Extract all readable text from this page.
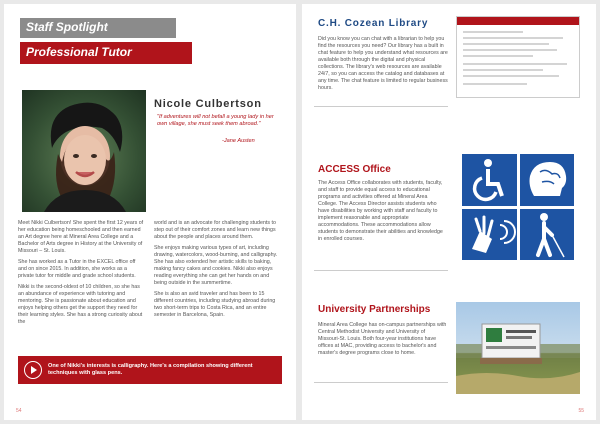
Staff Spotlight
Professional Tutor
Nicole Culbertson
"If adventures will not befall a young lady in her own village, she must seek them abroad."
-Jane Austen

Meet Nikki Culbertson! She spent the first 12 years of her education being homeschooled and then earned an Art degree here at Mineral Area College and a Bachelor of Arts degree in History at the University of Missouri – St. Louis.

She has worked as a Tutor in the EXCEL office off and on since 2015. In addition, she works as a private tutor for middle and grade school students.

Nikki is the second-oldest of 10 children, so she has an abundance of experience with tutoring and mentoring. She is passionate about education and enjoys helping others get the support they need for their learning styles. She has a strong curiosity about the

world and is an advocate for challenging students to step out of their comfort zones and learn new things about the people and places around them.

She enjoys making various types of art, including drawing, watercolors, wood-burning, and calligraphy. She has also extended her artistic skills to baking, making fancy cakes and cookies. Nikki also enjoys reading everything she can get her hands on and being outside in the summertime.

She is also an avid traveler and has been to 15 different countries, including studying abroad during two short-term trips to Costa Rica, and an entire semester in Barcelona, Spain.

One of Nikki's interests is calligraphy. Here's a compilation showing different techniques with glass pens.
54
C.H. Cozean Library
Did you know you can chat with a librarian to help you find the resources you need? Our library has a built in chat feature to help you understand what resources are available both through the digital and physical collections. The library's web resources are available 24/7, so you can access the catalog and databases at any time. The chat feature is limited to regular business hours.
ACCESS Office
The Access Office collaborates with students, faculty, and staff to provide equal access to educational programs and activities offered at Mineral Area College. The Access Director assists students who have disabilities by working with staff and faculty to implement reasonable and appropriate accommodations. These accommodations allow students to demonstrate their abilities and knowledge in enrolled courses.
University Partnerships
Mineral Area College has on-campus partnerships with Central Methodist University and University of Missouri-St. Louis. Both four-year institutions have offices at MAC, providing access to bachelor's and master's degree programs close to home.
55
